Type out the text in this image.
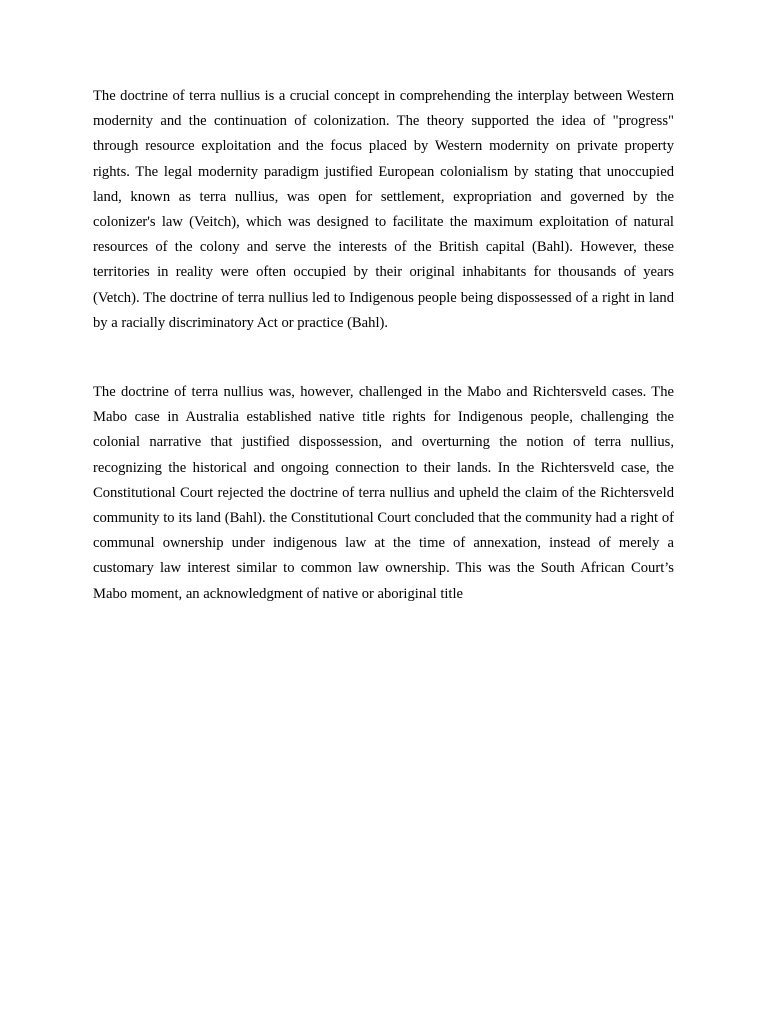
The doctrine of terra nullius is a crucial concept in comprehending the interplay between Western modernity and the continuation of colonization. The theory supported the idea of "progress" through resource exploitation and the focus placed by Western modernity on private property rights. The legal modernity paradigm justified European colonialism by stating that unoccupied land, known as terra nullius, was open for settlement, expropriation and governed by the colonizer's law (Veitch), which was designed to facilitate the maximum exploitation of natural resources of the colony and serve the interests of the British capital (Bahl). However, these territories in reality were often occupied by their original inhabitants for thousands of years (Vetch). The doctrine of terra nullius led to Indigenous people being dispossessed of a right in land by a racially discriminatory Act or practice (Bahl).

The doctrine of terra nullius was, however, challenged in the Mabo and Richtersveld cases. The Mabo case in Australia established native title rights for Indigenous people, challenging the colonial narrative that justified dispossession, and overturning the notion of terra nullius, recognizing the historical and ongoing connection to their lands. In the Richtersveld case, the Constitutional Court rejected the doctrine of terra nullius and upheld the claim of the Richtersveld community to its land (Bahl). the Constitutional Court concluded that the community had a right of communal ownership under indigenous law at the time of annexation, instead of merely a customary law interest similar to common law ownership. This was the South African Court’s Mabo moment, an acknowledgment of native or aboriginal title
